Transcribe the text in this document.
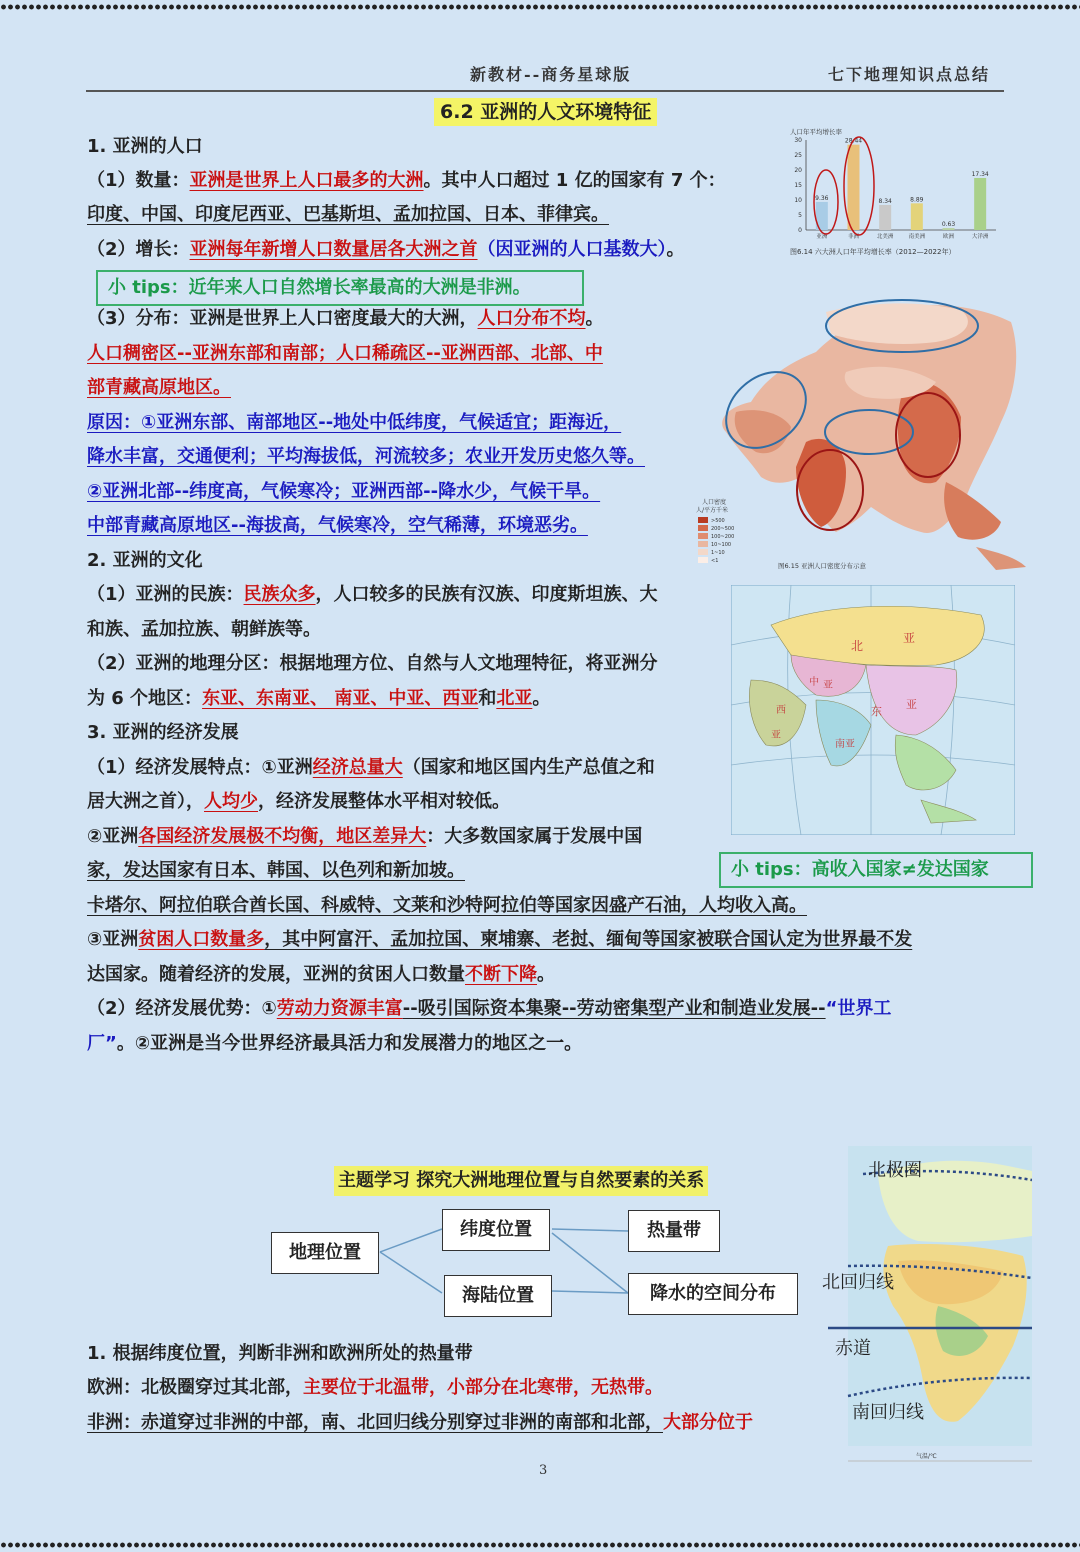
新教材--商务星球版	七下地理知识点总结
6.2 亚洲的人文环境特征
1. 亚洲的人口
（1）数量：亚洲是世界上人口最多的大洲。其中人口超过 1 亿的国家有 7 个：
印度、中国、印度尼西亚、巴基斯坦、孟加拉国、日本、菲律宾。
（2）增长：亚洲每年新增人口数量居各大洲之首（因亚洲的人口基数大）。
小 tips：近年来人口自然增长率最高的大洲是非洲。
（3）分布：亚洲是世界上人口密度最大的大洲，人口分布不均。
人口稠密区--亚洲东部和南部；人口稀疏区--亚洲西部、北部、中
部青藏高原地区。
原因：①亚洲东部、南部地区--地处中低纬度，气候适宜；距海近，
降水丰富，交通便利；平均海拔低，河流较多；农业开发历史悠久等。
②亚洲北部--纬度高，气候寒冷；亚洲西部--降水少，气候干旱。
中部青藏高原地区--海拔高，气候寒冷，空气稀薄，环境恶劣。
2. 亚洲的文化
（1）亚洲的民族：民族众多，人口较多的民族有汉族、印度斯坦族、大
和族、孟加拉族、朝鲜族等。
（2）亚洲的地理分区：根据地理方位、自然与人文地理特征，将亚洲分
为 6 个地区：东亚、东南亚、 南亚、中亚、西亚和北亚。
3. 亚洲的经济发展
（1）经济发展特点：①亚洲经济总量大（国家和地区国内生产总值之和
居大洲之首），人均少，经济发展整体水平相对较低。
②亚洲各国经济发展极不均衡，地区差异大：大多数国家属于发展中国
家，发达国家有日本、韩国、以色列和新加坡。	小 tips：高收入国家≠发达国家
卡塔尔、阿拉伯联合酋长国、科威特、文莱和沙特阿拉伯等国家因盛产石油，人均收入高。
③亚洲贫困人口数量多，其中阿富汗、孟加拉国、柬埔寨、老挝、缅甸等国家被联合国认定为世界最不发
达国家。随着经济的发展，亚洲的贫困人口数量不断下降。
（2）经济发展优势：①劳动力资源丰富--吸引国际资本集聚--劳动密集型产业和制造业发展--“世界工
厂”。②亚洲是当今世界经济最具活力和发展潜力的地区之一。
人口年平均增长率
0
5
10
15
20
25
30
9.36
28.44
8.34	8.89
0.63
17.34
亚洲	非洲	北美洲	南美洲	欧洲	大洋洲
图6.14 六大洲人口年平均增长率（2012—2022年）
人口密度
人/平方千米
>500
200~500
100~200
10~100
1~10
<1
图6.15 亚洲人口密度分布示意
北
亚
中 亚
西
亚
东
亚
南亚
主题学习 探究大洲地理位置与自然要素的关系
地理位置
纬度位置
海陆位置
热量带
降水的空间分布
1. 根据纬度位置，判断非洲和欧洲所处的热量带
欧洲：北极圈穿过其北部，主要位于北温带，小部分在北寒带，无热带。
非洲：赤道穿过非洲的中部，南、北回归线分别穿过非洲的南部和北部，大部分位于
气温/℃
北极圈
北回归线
赤道
南回归线
3
